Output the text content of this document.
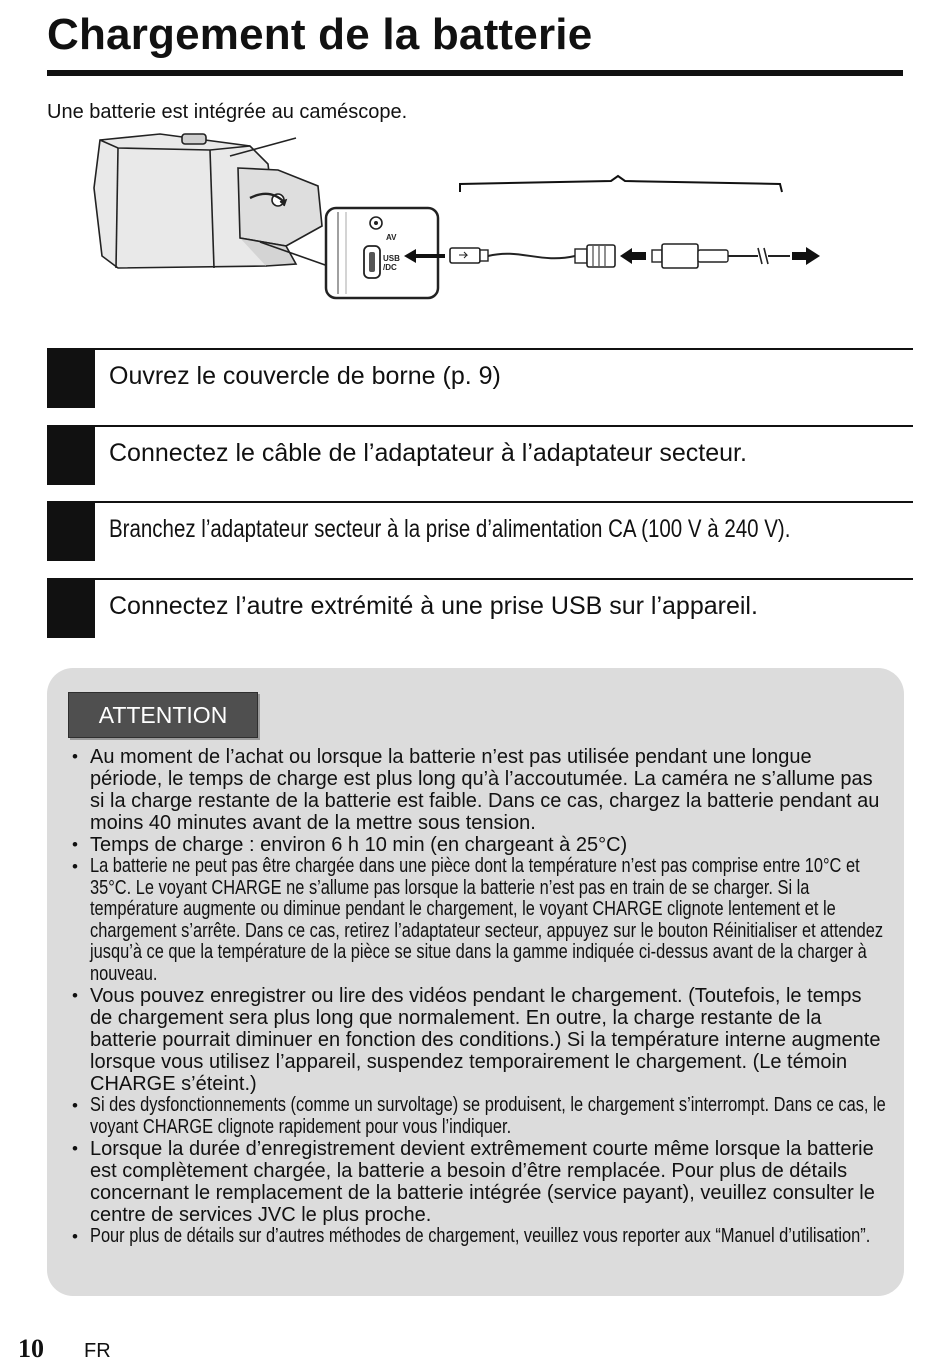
Chargement de la batterie
Une batterie est intégrée au caméscope.
AV
USB
/DC
Ouvrez le couvercle de borne (p. 9)
Connectez le câble de l’adaptateur à l’adaptateur secteur.
Branchez l’adaptateur secteur à la prise d’alimentation CA (100 V à 240 V).
Connectez l’autre extrémité à une prise USB sur l’appareil.
ATTENTION
• Au moment de l’achat ou lorsque la batterie n’est pas utilisée pendant une longue période, le temps de charge est plus long qu’à l’accoutumée. La caméra ne s’allume pas si la charge restante de la batterie est faible. Dans ce cas, chargez la batterie pendant au moins 40 minutes avant de la mettre sous tension.
• Temps de charge : environ 6 h 10 min (en chargeant à 25°C)
• La batterie ne peut pas être chargée dans une pièce dont la température n’est pas comprise entre 10°C et 35°C. Le voyant CHARGE ne s’allume pas lorsque la batterie n’est pas en train de se charger. Si la température augmente ou diminue pendant le chargement, le voyant CHARGE clignote lentement et le chargement s’arrête. Dans ce cas, retirez l’adaptateur secteur, appuyez sur le bouton Réinitialiser et attendez jusqu’à ce que la température de la pièce se situe dans la gamme indiquée ci-dessus avant de la charger à nouveau.
• Vous pouvez enregistrer ou lire des vidéos pendant le chargement. (Toutefois, le temps de chargement sera plus long que normalement. En outre, la charge restante de la batterie pourrait diminuer en fonction des conditions.) Si la température interne augmente lorsque vous utilisez l’appareil, suspendez temporairement le chargement. (Le témoin CHARGE s’éteint.)
• Si des dysfonctionnements (comme un survoltage) se produisent, le chargement s’interrompt. Dans ce cas, le voyant CHARGE clignote rapidement pour vous l’indiquer.
• Lorsque la durée d’enregistrement devient extrêmement courte même lorsque la batterie est complètement chargée, la batterie a besoin d’être remplacée. Pour plus de détails concernant le remplacement de la batterie intégrée (service payant), veuillez consulter le centre de services JVC le plus proche.
• Pour plus de détails sur d’autres méthodes de chargement, veuillez vous reporter aux “Manuel d’utilisation”.
10 FR
